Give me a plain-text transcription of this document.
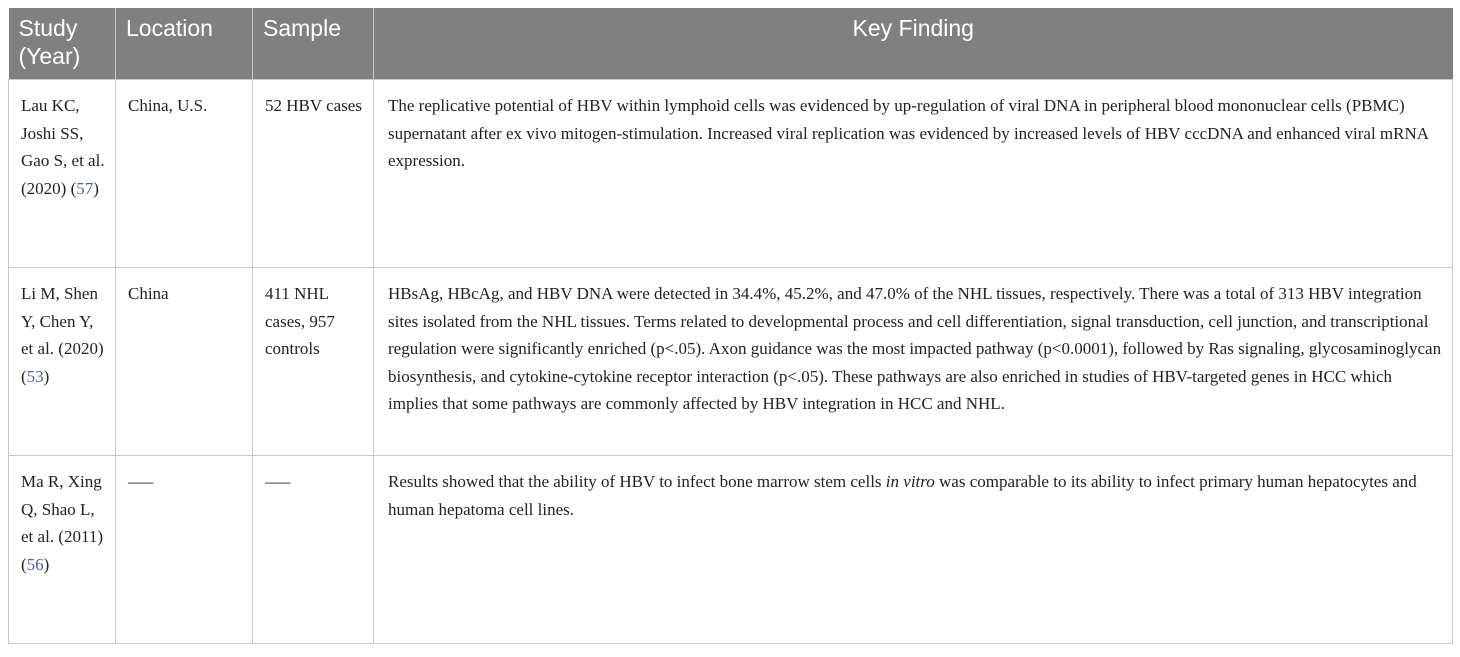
Study (Year)	Location	Sample	Key Finding
Lau KC, Joshi SS, Gao S, et al. (2020) (57)	China, U.S.	52 HBV cases	The replicative potential of HBV within lymphoid cells was evidenced by up-regulation of viral DNA in peripheral blood mononuclear cells (PBMC) supernatant after ex vivo mitogen-stimulation. Increased viral replication was evidenced by increased levels of HBV cccDNA and enhanced viral mRNA expression.
Li M, Shen Y, Chen Y, et al. (2020) (53)	China	411 NHL cases, 957 controls	HBsAg, HBcAg, and HBV DNA were detected in 34.4%, 45.2%, and 47.0% of the NHL tissues, respectively. There was a total of 313 HBV integration sites isolated from the NHL tissues. Terms related to developmental process and cell differentiation, signal transduction, cell junction, and transcriptional regulation were significantly enriched (p<.05). Axon guidance was the most impacted pathway (p<0.0001), followed by Ras signaling, glycosaminoglycan biosynthesis, and cytokine-cytokine receptor interaction (p<.05). These pathways are also enriched in studies of HBV-targeted genes in HCC which implies that some pathways are commonly affected by HBV integration in HCC and NHL.
Ma R, Xing Q, Shao L, et al. (2011) (56)	–––	–––	Results showed that the ability of HBV to infect bone marrow stem cells in vitro was comparable to its ability to infect primary human hepatocytes and human hepatoma cell lines.
